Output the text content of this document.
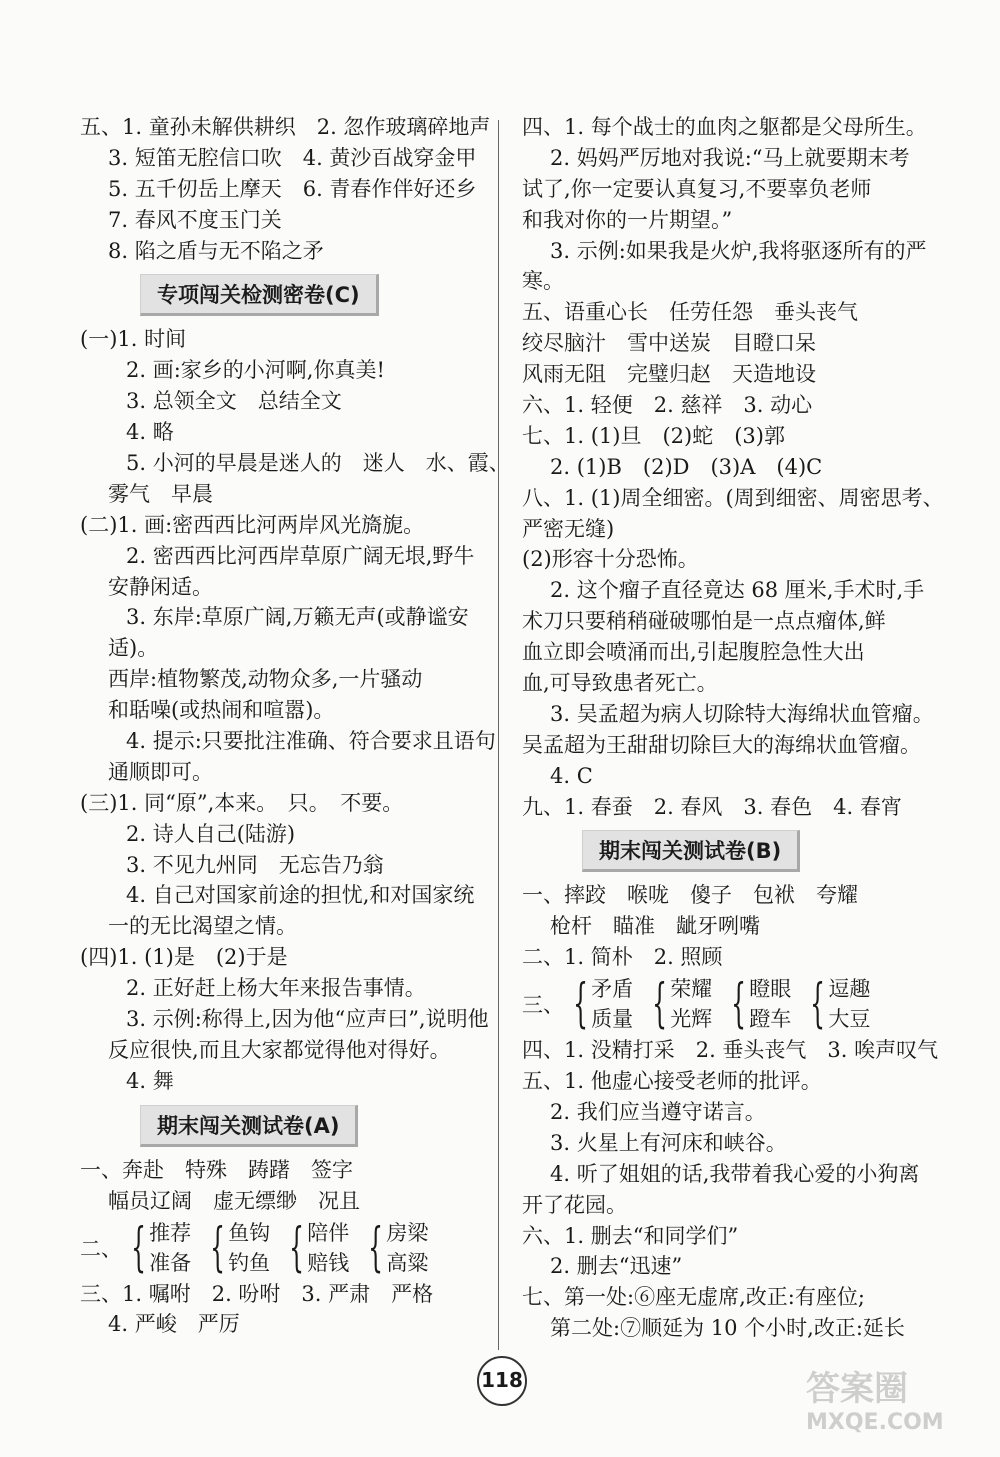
五、1. 童孙未解供耕织　2. 忽作玻璃碎地声
3. 短笛无腔信口吹　4. 黄沙百战穿金甲
5. 五千仞岳上摩天　6. 青春作伴好还乡
7. 春风不度玉门关
8. 陷之盾与无不陷之矛
专项闯关检测密卷(C)
(一)1. 时间
2. 画:家乡的小河啊,你真美!
3. 总领全文　总结全文
4. 略
5. 小河的早晨是迷人的　迷人　水、霞、
雾气　早晨
(二)1. 画:密西西比河两岸风光旖旎。
2. 密西西比河西岸草原广阔无垠,野牛
安静闲适。
3. 东岸:草原广阔,万籁无声(或静谧安
适)。
西岸:植物繁茂,动物众多,一片骚动
和聒噪(或热闹和喧嚣)。
4. 提示:只要批注准确、符合要求且语句
通顺即可。
(三)1. 同“原”,本来。　只。　不要。
2. 诗人自己(陆游)
3. 不见九州同　无忘告乃翁
4. 自己对国家前途的担忧,和对国家统
一的无比渴望之情。
(四)1. (1)是　(2)于是
2. 正好赶上杨大年来报告事情。
3. 示例:称得上,因为他“应声曰”,说明他
反应很快,而且大家都觉得他对得好。
4. 舞
期末闯关测试卷(A)
一、奔赴　特殊　踌躇　签字
幅员辽阔　虚无缥缈　况且
二、 { 推荐
准备 { 鱼钩
钓鱼 { 陪伴
赔钱 { 房梁
高粱
三、1. 嘱咐　2. 吩咐　3. 严肃　严格
4. 严峻　严厉
四、1. 每个战士的血肉之躯都是父母所生。
2. 妈妈严厉地对我说:“马上就要期末考
试了,你一定要认真复习,不要辜负老师
和我对你的一片期望。”
3. 示例:如果我是火炉,我将驱逐所有的严
寒。
五、语重心长　任劳任怨　垂头丧气
绞尽脑汁　雪中送炭　目瞪口呆
风雨无阻　完璧归赵　天造地设
六、1. 轻便　2. 慈祥　3. 动心
七、1. (1)旦　(2)蛇　(3)郭
2. (1)B　(2)D　(3)A　(4)C
八、1. (1)周全细密。(周到细密、周密思考、
严密无缝)
(2)形容十分恐怖。
2. 这个瘤子直径竟达 68 厘米,手术时,手
术刀只要稍稍碰破哪怕是一点点瘤体,鲜
血立即会喷涌而出,引起腹腔急性大出
血,可导致患者死亡。
3. 吴孟超为病人切除特大海绵状血管瘤。
吴孟超为王甜甜切除巨大的海绵状血管瘤。
4. C
九、1. 春蚕　2. 春风　3. 春色　4. 春宵
期末闯关测试卷(B)
一、摔跤　喉咙　傻子　包袱　夸耀
枪杆　瞄准　龇牙咧嘴
二、1. 简朴　2. 照顾
三、 { 矛盾
质量 { 荣耀
光辉 { 瞪眼
蹬车 { 逗趣
大豆
四、1. 没精打采　2. 垂头丧气　3. 唉声叹气
五、1. 他虚心接受老师的批评。
2. 我们应当遵守诺言。
3. 火星上有河床和峡谷。
4. 听了姐姐的话,我带着我心爱的小狗离
开了花园。
六、1. 删去“和同学们”
2. 删去“迅速”
七、第一处:⑥座无虚席,改正:有座位;
第二处:⑦顺延为 10 个小时,改正:延长
118	答案圈
MXQE.COM
